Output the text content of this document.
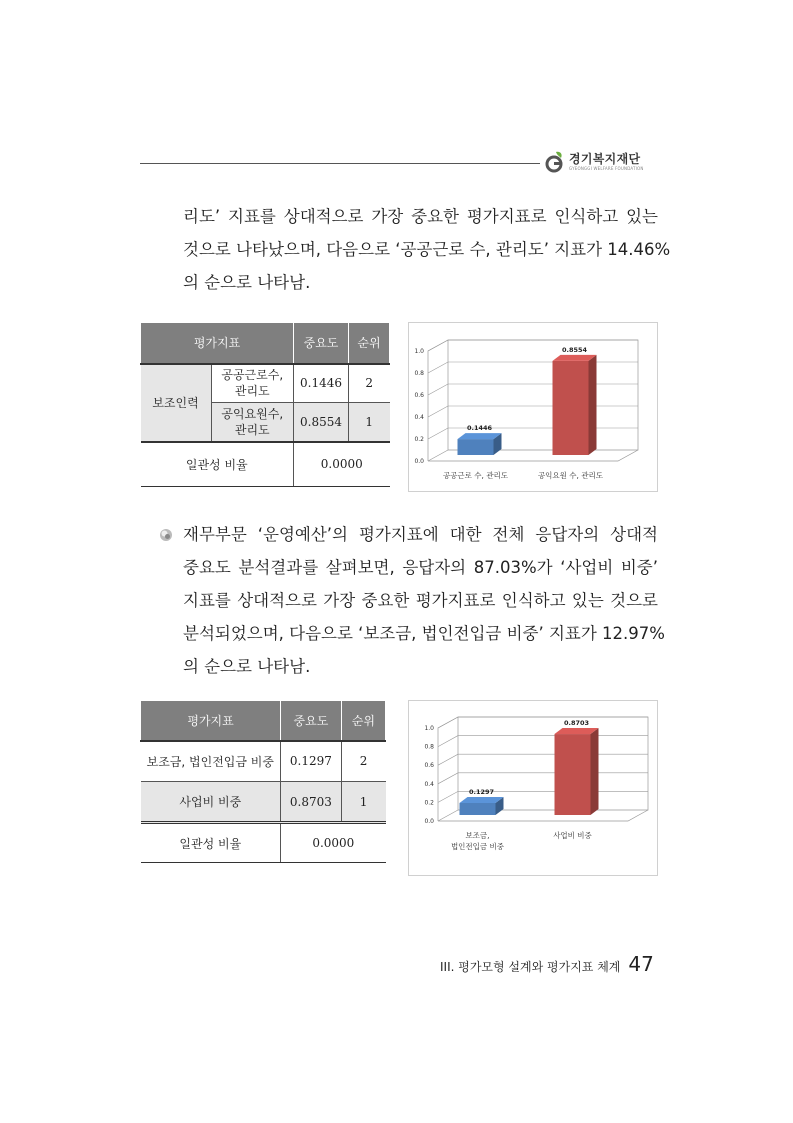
경기복지재단
GYEONGGI WELFARE FOUNDATION
리도’ 지표를 상대적으로 가장 중요한 평가지표로 인식하고 있는
것으로 나타났으며, 다음으로 ‘공공근로 수, 관리도’ 지표가 14.46%
의 순으로 나타남.
평가지표		중요도	순위
보조인력	공공근로수,
관리도	0.1446	2
	공익요원수,
관리도	0.8554	1
일관성 비율		0.0000		0.0
0.2
0.4
0.6
0.8
1.0
0.1446
공공근로 수, 관리도
0.8554
공익요원 수, 관리도
재무부문 ‘운영예산’의 평가지표에 대한 전체 응답자의 상대적
중요도 분석결과를 살펴보면, 응답자의 87.03%가 ‘사업비 비중’
지표를 상대적으로 가장 중요한 평가지표로 인식하고 있는 것으로
분석되었으며, 다음으로 ‘보조금, 법인전입금 비중’ 지표가 12.97%
의 순으로 나타남.
평가지표	중요도	순위
보조금, 법인전입금 비중	0.1297	2
사업비 비중	0.8703	1
일관성 비율	0.0000	
0.0
0.2
0.4
0.6
0.8
1.0
0.1297
보조금,
법인전입금 비중
0.8703
사업비 비중
III. 평가모형 설계와 평가지표 체계 47
